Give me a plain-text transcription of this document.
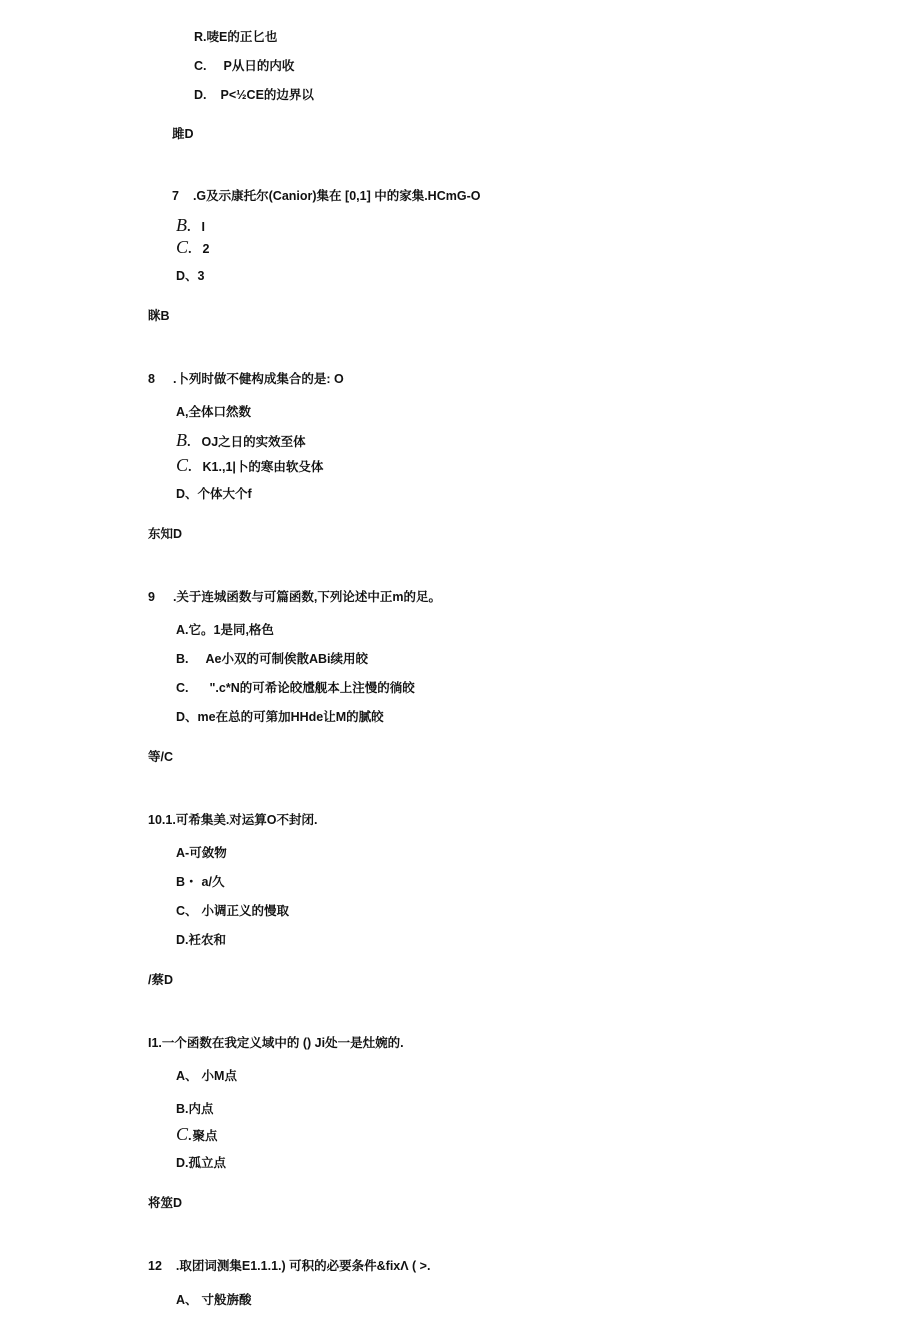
R.唛E的正匕也
C. P从日的内收
D. P<½CE的边界以
雎D
7 .G及示康托尔(Canior)集在 [0,1] 中的家集.HCmG-O
B. I
C. 2
D、3
眯B
8 .卜列时做不健构成集合的是: O
A,全体口然数
B. OJ之日的实效至体
C. K1.,1|卜的寒由软殳体
D、个体大个f
东知D
9 .关于连城函数与可篇函数,下列论述中正m的足。
A.它。1是同,格色
B. Ae小双的可制俟散ABi续用皎
C. ".c*N的可希论皎尳舰本上注慢的徜皎
D、me在总的可第加HHde让M的腻皎
等/C
10.1.可希集美.对运算O不封闭.
A-可敛物
B・ a/久
C、 小调正义的慢取
D.衽农和
/蔡D
I1.一个函数在我定义域中的 () Ji处一是灶婉的.
A、 小M点
B.内点
C.聚点
D.孤立点
将筮D
12 .取团词测集E1.1.1.) 可积的必要条件&fixΛ ( >.
A、 寸般旃酸
